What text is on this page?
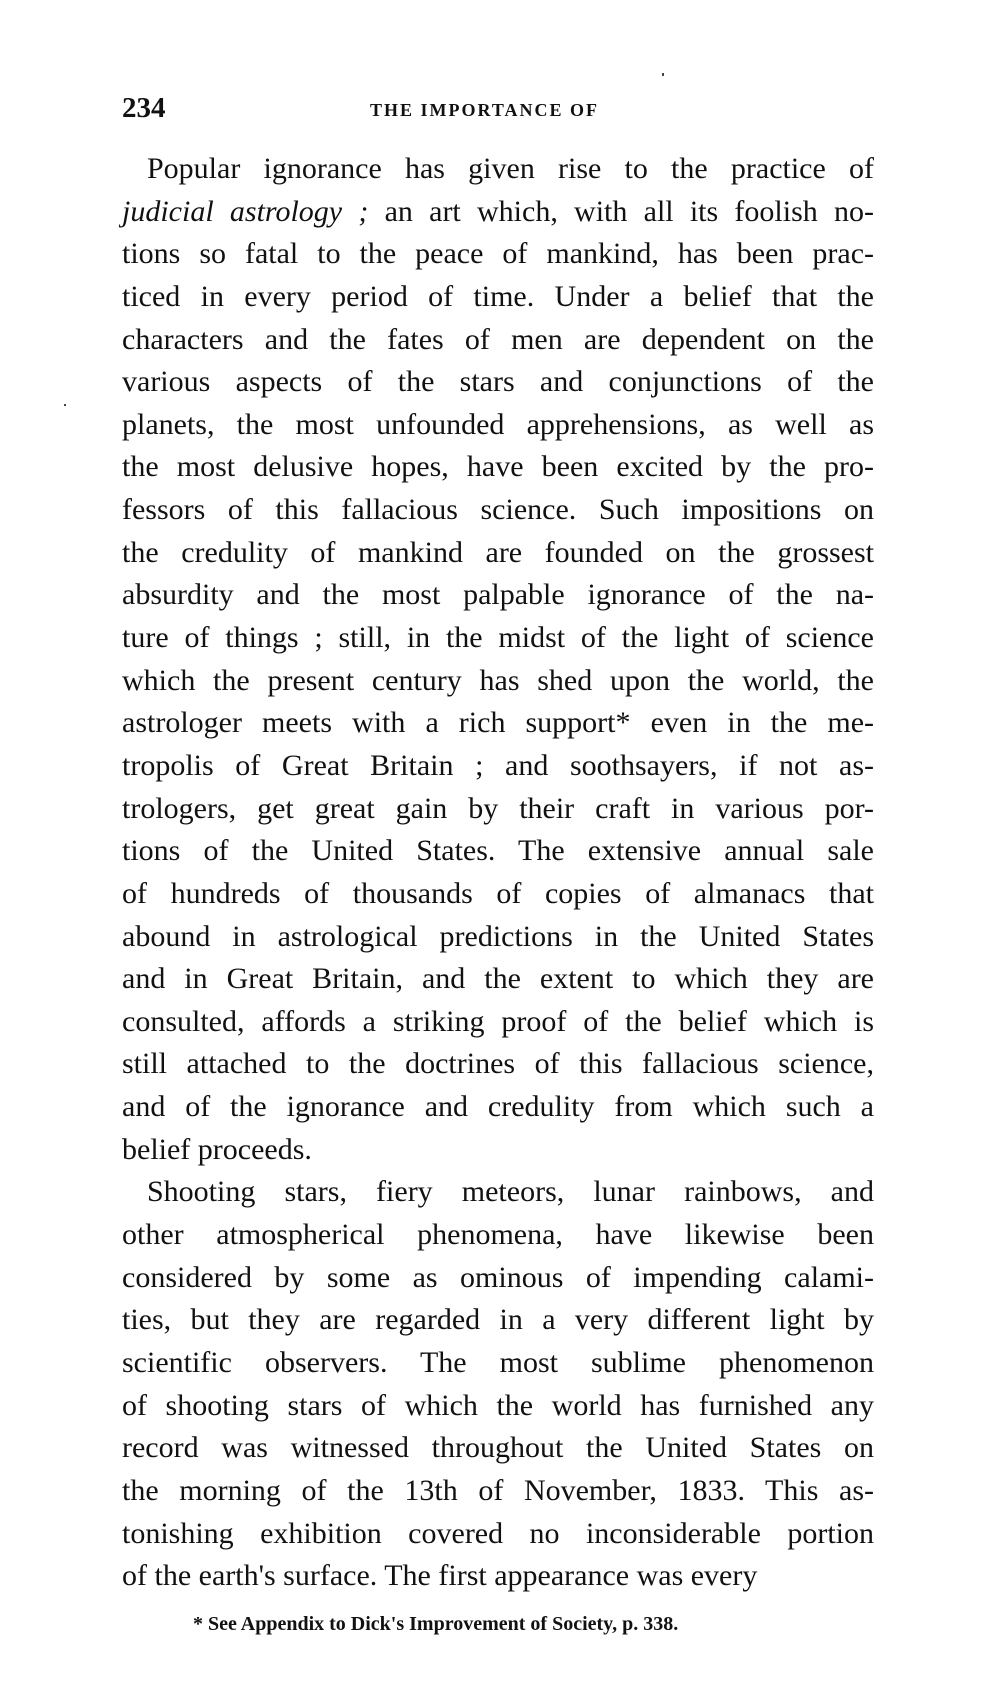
234	THE IMPORTANCE OF
Popular ignorance has given rise to the practice of
judicial astrology ; an art which, with all its foolish no-
tions so fatal to the peace of mankind, has been prac-
ticed in every period of time. Under a belief that the
characters and the fates of men are dependent on the
various aspects of the stars and conjunctions of the
planets, the most unfounded apprehensions, as well as
the most delusive hopes, have been excited by the pro-
fessors of this fallacious science. Such impositions on
the credulity of mankind are founded on the grossest
absurdity and the most palpable ignorance of the na-
ture of things ; still, in the midst of the light of science
which the present century has shed upon the world, the
astrologer meets with a rich support* even in the me-
tropolis of Great Britain ; and soothsayers, if not as-
trologers, get great gain by their craft in various por-
tions of the United States. The extensive annual sale
of hundreds of thousands of copies of almanacs that
abound in astrological predictions in the United States
and in Great Britain, and the extent to which they are
consulted, affords a striking proof of the belief which is
still attached to the doctrines of this fallacious science,
and of the ignorance and credulity from which such a
belief proceeds.
Shooting stars, fiery meteors, lunar rainbows, and
other atmospherical phenomena, have likewise been
considered by some as ominous of impending calami-
ties, but they are regarded in a very different light by
scientific observers. The most sublime phenomenon
of shooting stars of which the world has furnished any
record was witnessed throughout the United States on
the morning of the 13th of November, 1833. This as-
tonishing exhibition covered no inconsiderable portion
of the earth's surface. The first appearance was every
* See Appendix to Dick's Improvement of Society, p. 338.
